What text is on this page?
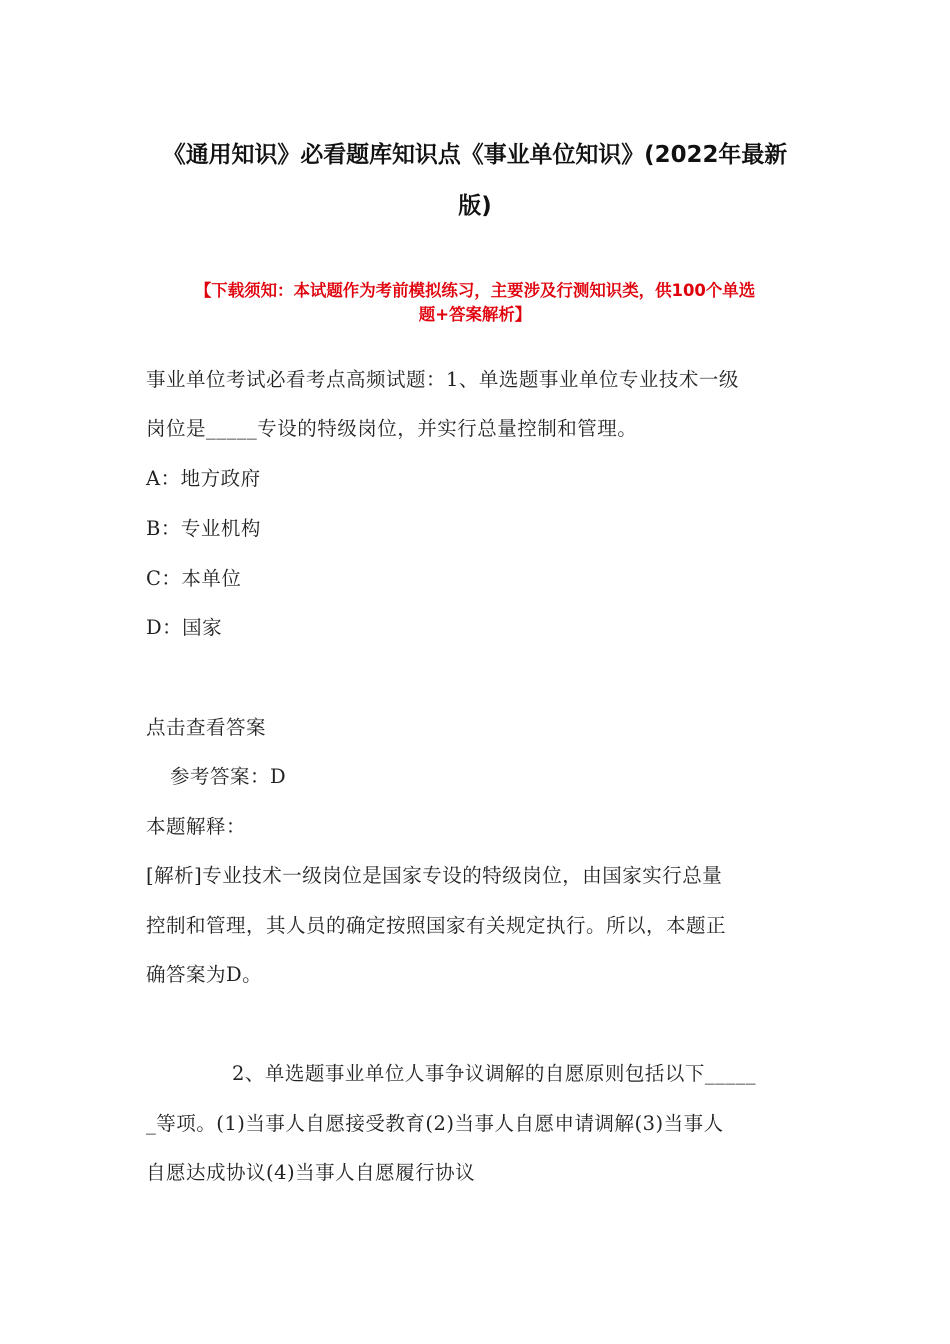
《通用知识》必看题库知识点《事业单位知识》(2022年最新
版)
【下载须知：本试题作为考前模拟练习，主要涉及行测知识类，供100个单选
题+答案解析】
事业单位考试必看考点高频试题：1、单选题事业单位专业技术一级
岗位是_____专设的特级岗位，并实行总量控制和管理。
A：地方政府
B：专业机构
C：本单位
D：国家
点击查看答案
参考答案：D
本题解释：
[解析]专业技术一级岗位是国家专设的特级岗位，由国家实行总量
控制和管理，其人员的确定按照国家有关规定执行。所以，本题正
确答案为D。
2、单选题事业单位人事争议调解的自愿原则包括以下_____
_等项。(1)当事人自愿接受教育(2)当事人自愿申请调解(3)当事人
自愿达成协议(4)当事人自愿履行协议
